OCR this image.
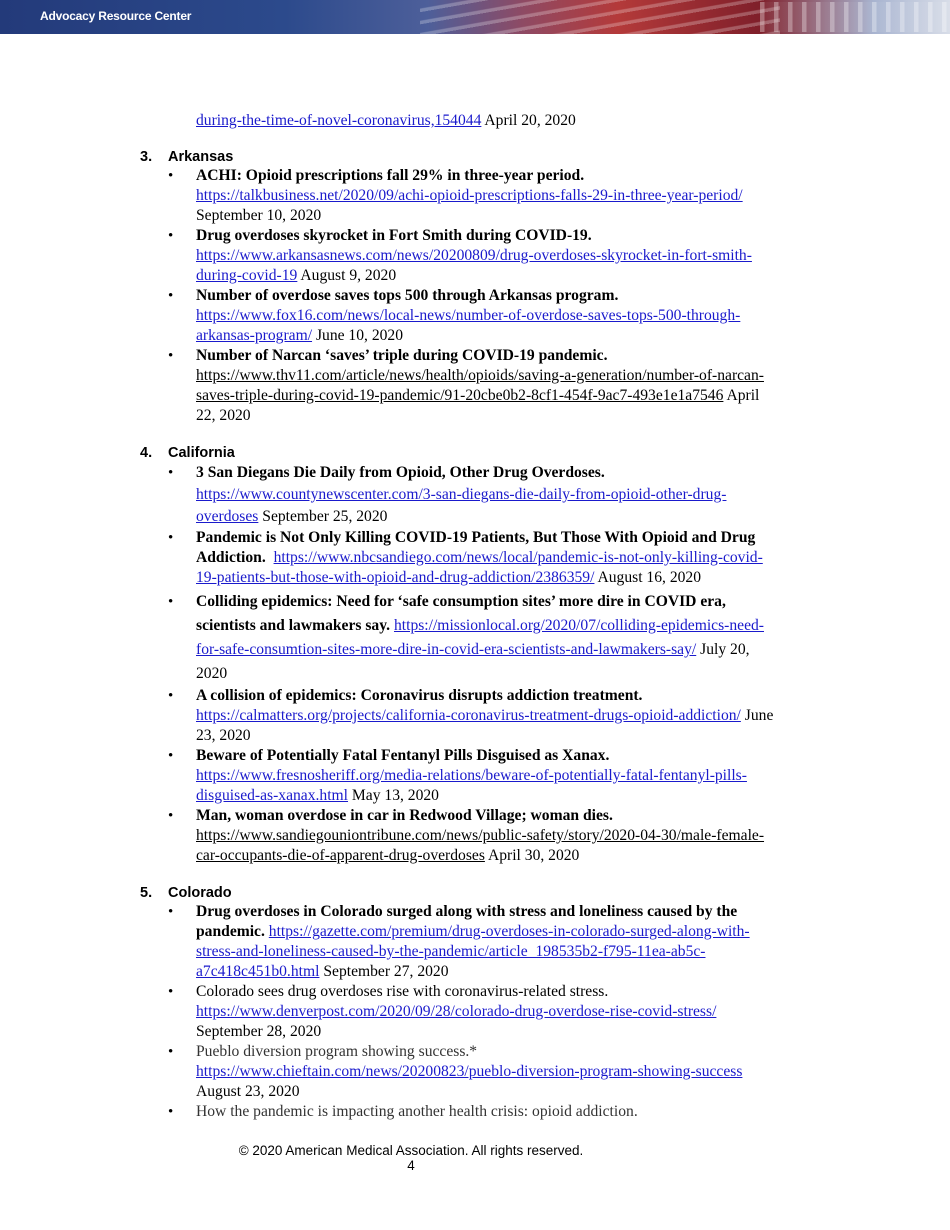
Advocacy Resource Center
during-the-time-of-novel-coronavirus,154044 April 20, 2020
3.	Arkansas
• ACHI: Opioid prescriptions fall 29% in three-year period.
https://talkbusiness.net/2020/09/achi-opioid-prescriptions-falls-29-in-three-year-period/
September 10, 2020
• Drug overdoses skyrocket in Fort Smith during COVID-19.
https://www.arkansasnews.com/news/20200809/drug-overdoses-skyrocket-in-fort-smith-
during-covid-19 August 9, 2020
• Number of overdose saves tops 500 through Arkansas program.
https://www.fox16.com/news/local-news/number-of-overdose-saves-tops-500-through-
arkansas-program/ June 10, 2020
• Number of Narcan ‘saves’ triple during COVID-19 pandemic.
https://www.thv11.com/article/news/health/opioids/saving-a-generation/number-of-narcan-
saves-triple-during-covid-19-pandemic/91-20cbe0b2-8cf1-454f-9ac7-493e1e1a7546 April
22, 2020
4.	California
• 3 San Diegans Die Daily from Opioid, Other Drug Overdoses.
https://www.countynewscenter.com/3-san-diegans-die-daily-from-opioid-other-drug-
overdoses September 25, 2020
• Pandemic is Not Only Killing COVID-19 Patients, But Those With Opioid and Drug
Addiction. https://www.nbcsandiego.com/news/local/pandemic-is-not-only-killing-covid-
19-patients-but-those-with-opioid-and-drug-addiction/2386359/ August 16, 2020
• Colliding epidemics: Need for ‘safe consumption sites’ more dire in COVID era,
scientists and lawmakers say. https://missionlocal.org/2020/07/colliding-epidemics-need-
for-safe-consumtion-sites-more-dire-in-covid-era-scientists-and-lawmakers-say/ July 20,
2020
• A collision of epidemics: Coronavirus disrupts addiction treatment.
https://calmatters.org/projects/california-coronavirus-treatment-drugs-opioid-addiction/ June
23, 2020
• Beware of Potentially Fatal Fentanyl Pills Disguised as Xanax.
https://www.fresnosheriff.org/media-relations/beware-of-potentially-fatal-fentanyl-pills-
disguised-as-xanax.html May 13, 2020
• Man, woman overdose in car in Redwood Village; woman dies.
https://www.sandiegouniontribune.com/news/public-safety/story/2020-04-30/male-female-
car-occupants-die-of-apparent-drug-overdoses April 30, 2020
5.	Colorado
• Drug overdoses in Colorado surged along with stress and loneliness caused by the
pandemic. https://gazette.com/premium/drug-overdoses-in-colorado-surged-along-with-
stress-and-loneliness-caused-by-the-pandemic/article_198535b2-f795-11ea-ab5c-
a7c418c451b0.html September 27, 2020
• Colorado sees drug overdoses rise with coronavirus-related stress.
https://www.denverpost.com/2020/09/28/colorado-drug-overdose-rise-covid-stress/
September 28, 2020
• Pueblo diversion program showing success.*
https://www.chieftain.com/news/20200823/pueblo-diversion-program-showing-success
August 23, 2020
• How the pandemic is impacting another health crisis: opioid addiction.
© 2020 American Medical Association. All rights reserved.
4
